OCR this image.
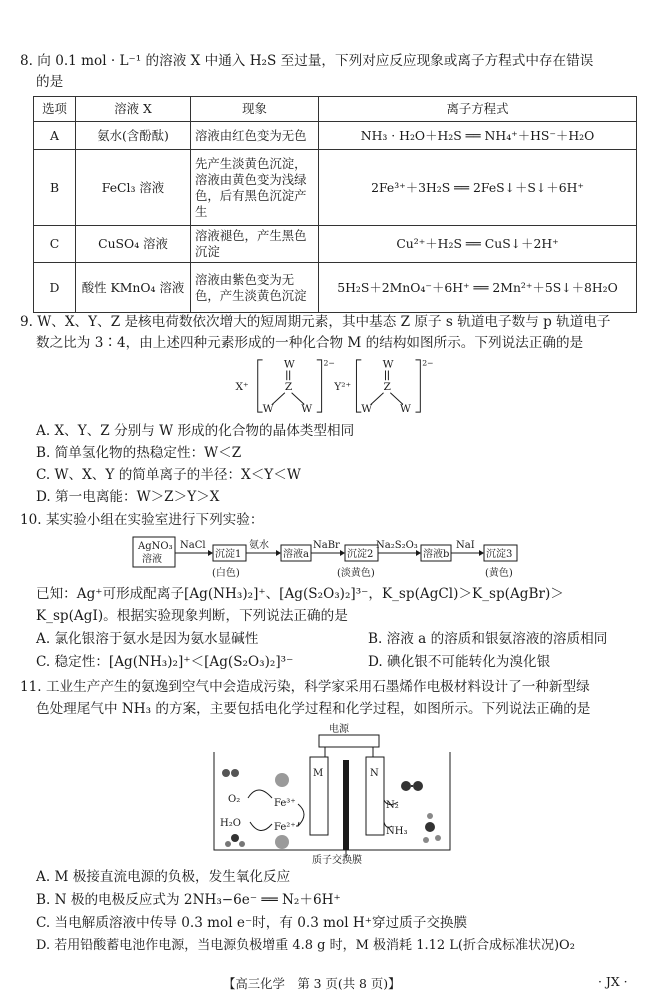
8. 向 0.1 mol · L⁻¹ 的溶液 X 中通入 H₂S 至过量，下列对应反应现象或离子方程式中存在错误
的是
选项	溶液 X	现象	离子方程式
A	氨水(含酚酞)	溶液由红色变为无色	NH₃ · H₂O＋H₂S ══ NH₄⁺＋HS⁻＋H₂O
B	FeCl₃ 溶液	先产生淡黄色沉淀，溶液由黄色变为浅绿色，后有黑色沉淀产生	2Fe³⁺＋3H₂S ══ 2FeS↓＋S↓＋6H⁺
C	CuSO₄ 溶液	溶液褪色，产生黑色沉淀	Cu²⁺＋H₂S ══ CuS↓＋2H⁺
D	酸性 KMnO₄ 溶液	溶液由紫色变为无色，产生淡黄色沉淀	5H₂S＋2MnO₄⁻＋6H⁺ ══ 2Mn²⁺＋5S↓＋8H₂O
9. W、X、Y、Z 是核电荷数依次增大的短周期元素，其中基态 Z 原子 s 轨道电子数与 p 轨道电子
数之比为 3∶4，由上述四种元素形成的一种化合物 M 的结构如图所示。下列说法正确的是
X⁺
W
Z
W	W
2−
Y²⁺
W
Z
W	W
2−
A. X、Y、Z 分别与 W 形成的化合物的晶体类型相同
B. 简单氢化物的热稳定性：W＜Z
C. W、X、Y 的简单离子的半径：X＜Y＜W
D. 第一电离能：W＞Z＞Y＞X
10. 某实验小组在实验室进行下列实验：
AgNO₃
溶液
NaCl
沉淀1
(白色)
氨水
溶液a
NaBr
沉淀2
(淡黄色)
Na₂S₂O₃
溶液b
NaI
沉淀3
(黄色)
已知：Ag⁺可形成配离子[Ag(NH₃)₂]⁺、[Ag(S₂O₃)₂]³⁻，K_sp(AgCl)＞K_sp(AgBr)＞
K_sp(AgI)。根据实验现象判断，下列说法正确的是
A. 氯化银溶于氨水是因为氨水显碱性	B. 溶液 a 的溶质和银氨溶液的溶质相同
C. 稳定性：[Ag(NH₃)₂]⁺＜[Ag(S₂O₃)₂]³⁻	D. 碘化银不可能转化为溴化银
11. 工业生产产生的氨逸到空气中会造成污染，科学家采用石墨烯作电极材料设计了一种新型绿
色处理尾气中 NH₃ 的方案，主要包括电化学过程和化学过程，如图所示。下列说法正确的是
电源
M	N
质子交换膜
O₂
H₂O
Fe³⁺
Fe²⁺
N₂
NH₃
A. M 极接直流电源的负极，发生氧化反应
B. N 极的电极反应式为 2NH₃−6e⁻ ══ N₂＋6H⁺
C. 当电解质溶液中传导 0.3 mol e⁻时，有 0.3 mol H⁺穿过质子交换膜
D. 若用铅酸蓄电池作电源，当电源负极增重 4.8 g 时，M 极消耗 1.12 L(折合成标准状况)O₂
【高三化学　第 3 页(共 8 页)】	· JX ·
